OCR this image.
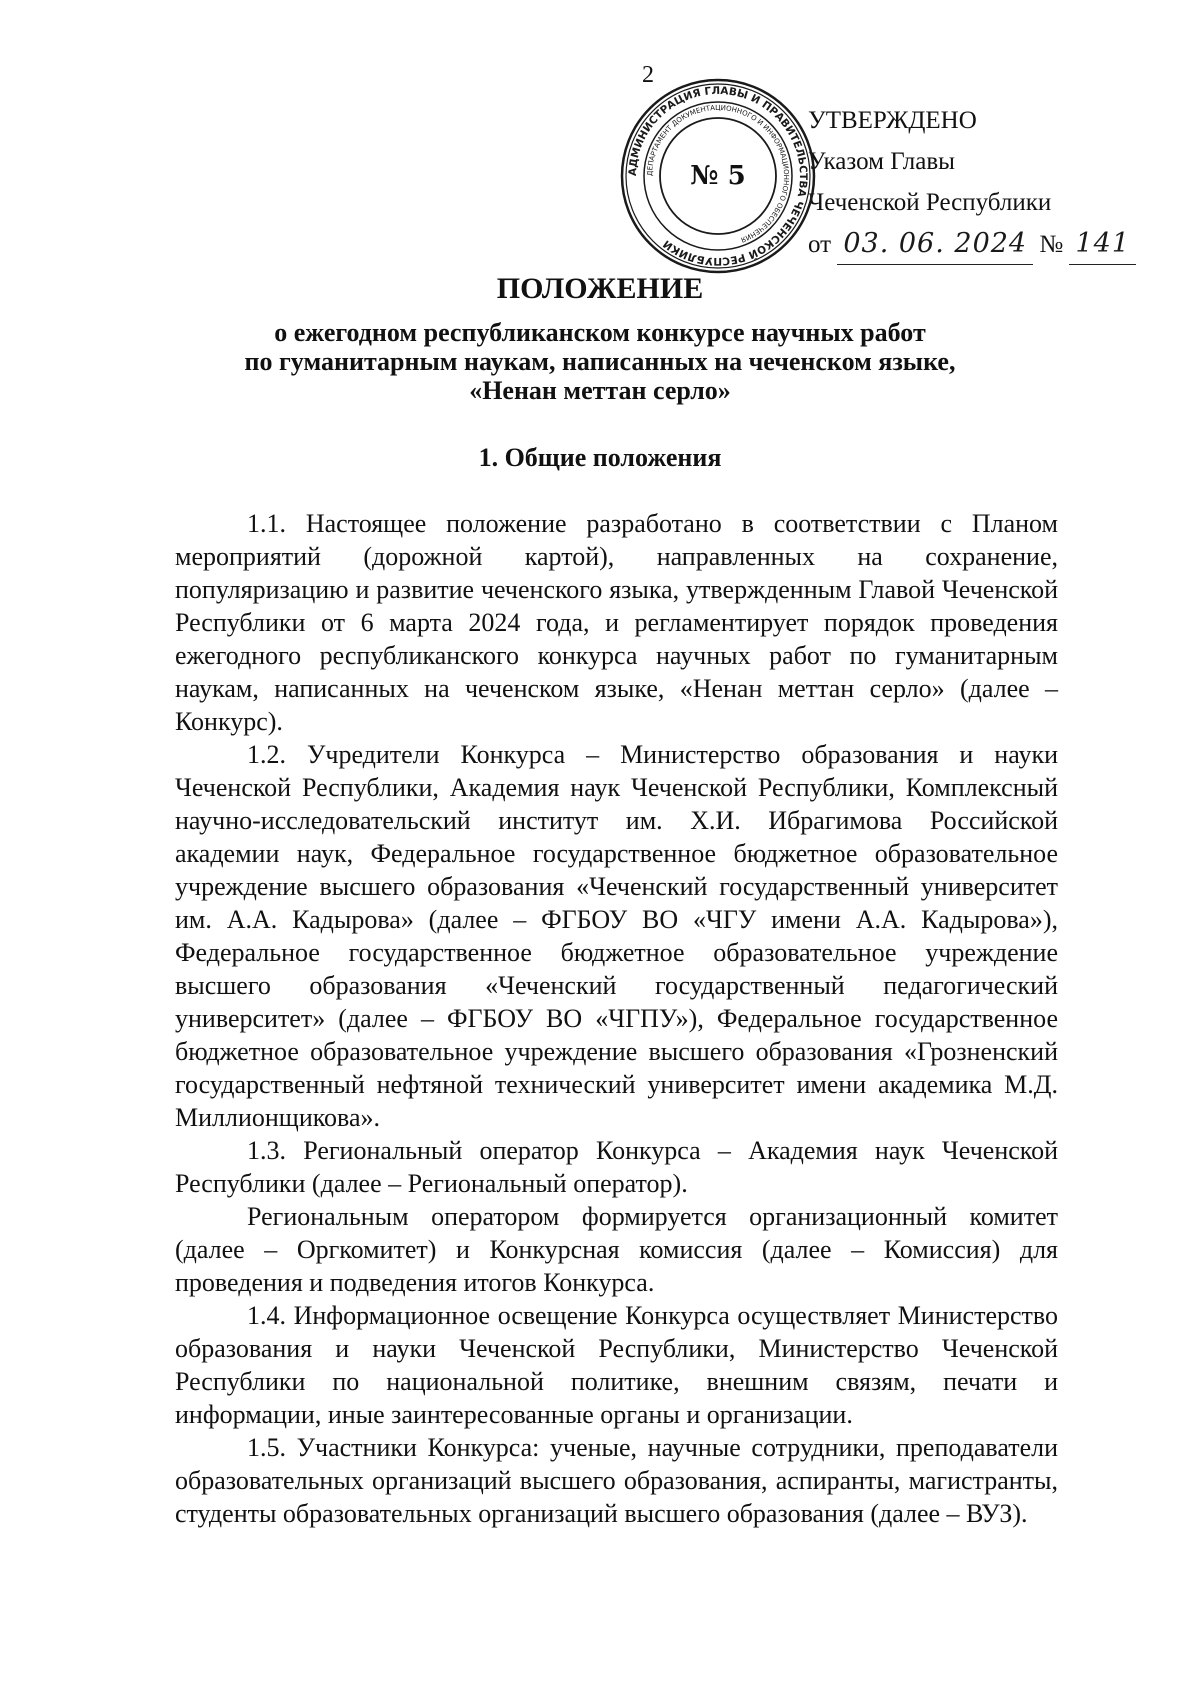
2
УТВЕРЖДЕНО
Указом Главы
Чеченской Республики
от 03. 06. 2024 № 141
АДМИНИСТРАЦИЯ ГЛАВЫ И ПРАВИТЕЛЬСТВА ЧЕЧЕНСКОЙ РЕСПУБЛИКИ
ДЕПАРТАМЕНТ ДОКУМЕНТАЦИОННОГО И ИНФОРМАЦИОННОГО ОБЕСПЕЧЕНИЯ
№ 5
ПОЛОЖЕНИЕ
о ежегодном республиканском конкурсе научных работ
по гуманитарным наукам, написанных на чеченском языке,
«Ненан меттан серло»
1. Общие положения

1.1. Настоящее положение разработано в соответствии с Планом мероприятий (дорожной картой), направленных на сохранение, популяризацию и развитие чеченского языка, утвержденным Главой Чеченской Республики от 6 марта 2024 года, и регламентирует порядок проведения ежегодного республиканского конкурса научных работ по гуманитарным наукам, написанных на чеченском языке, «Ненан меттан серло» (далее – Конкурс).

1.2. Учредители Конкурса – Министерство образования и науки Чеченской Республики, Академия наук Чеченской Республики, Комплексный научно-исследовательский институт им. Х.И. Ибрагимова Российской академии наук, Федеральное государственное бюджетное образовательное учреждение высшего образования «Чеченский государственный университет им. А.А. Кадырова» (далее – ФГБОУ ВО «ЧГУ имени А.А. Кадырова»), Федеральное государственное бюджетное образовательное учреждение высшего образования «Чеченский государственный педагогический университет» (далее – ФГБОУ ВО «ЧГПУ»), Федеральное государственное бюджетное образовательное учреждение высшего образования «Грозненский государственный нефтяной технический университет имени академика М.Д. Миллионщикова».

1.3. Региональный оператор Конкурса – Академия наук Чеченской Республики (далее – Региональный оператор).

Региональным оператором формируется организационный комитет (далее – Оргкомитет) и Конкурсная комиссия (далее – Комиссия) для проведения и подведения итогов Конкурса.

1.4. Информационное освещение Конкурса осуществляет Министерство образования и науки Чеченской Республики, Министерство Чеченской Республики по национальной политике, внешним связям, печати и информации, иные заинтересованные органы и организации.

1.5. Участники Конкурса: ученые, научные сотрудники, преподаватели образовательных организаций высшего образования, аспиранты, магистранты, студенты образовательных организаций высшего образования (далее – ВУЗ).
